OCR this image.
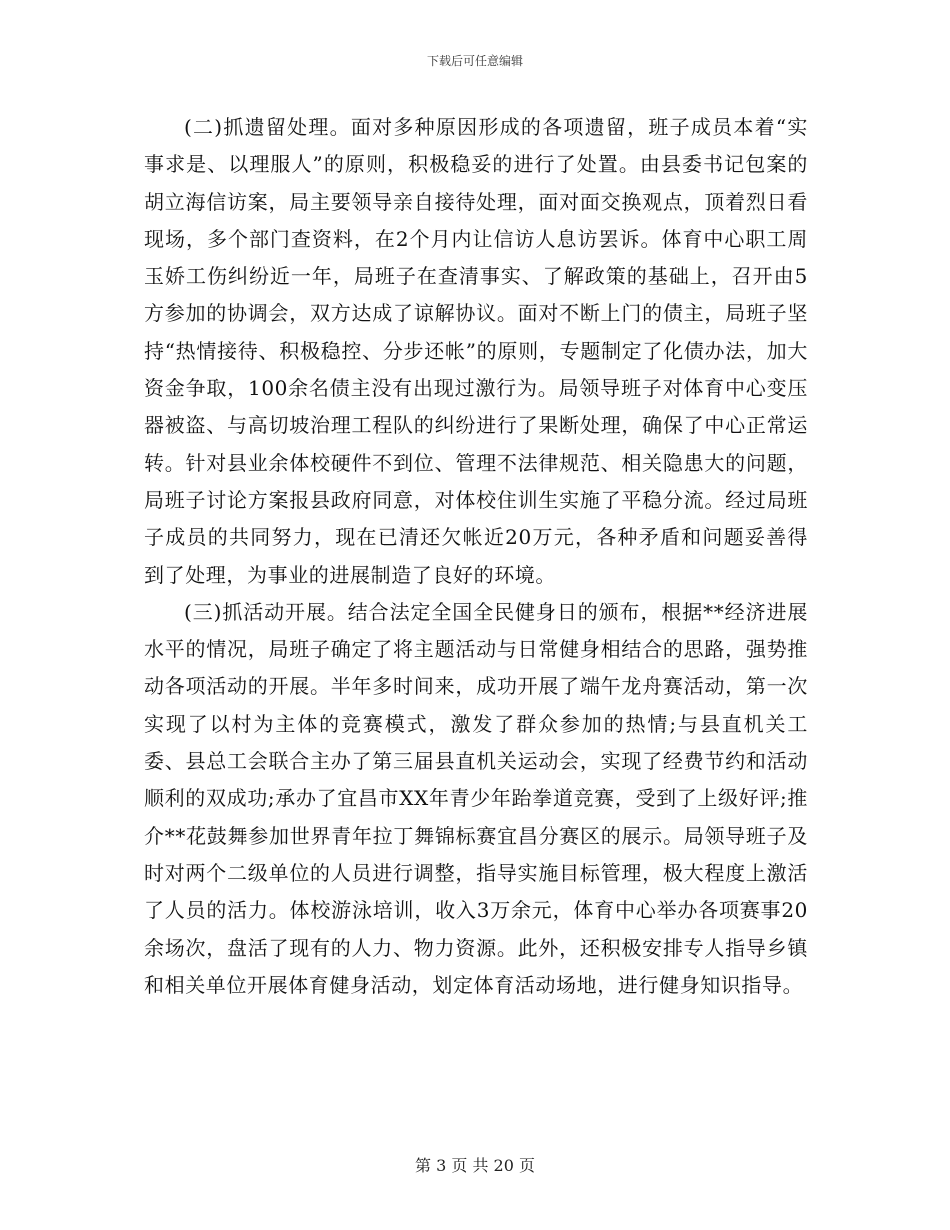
下载后可任意编辑

(二)抓遗留处理。面对多种原因形成的各项遗留，班子成员本着“实事求是、以理服人”的原则，积极稳妥的进行了处置。由县委书记包案的胡立海信访案，局主要领导亲自接待处理，面对面交换观点，顶着烈日看现场，多个部门查资料，在2个月内让信访人息访罢诉。体育中心职工周玉娇工伤纠纷近一年，局班子在查清事实、了解政策的基础上，召开由5方参加的协调会，双方达成了谅解协议。面对不断上门的债主，局班子坚持“热情接待、积极稳控、分步还帐”的原则，专题制定了化债办法，加大资金争取，100余名债主没有出现过激行为。局领导班子对体育中心变压器被盗、与高切坡治理工程队的纠纷进行了果断处理，确保了中心正常运转。针对县业余体校硬件不到位、管理不法律规范、相关隐患大的问题，局班子讨论方案报县政府同意，对体校住训生实施了平稳分流。经过局班子成员的共同努力，现在已清还欠帐近20万元，各种矛盾和问题妥善得到了处理，为事业的进展制造了良好的环境。

(三)抓活动开展。结合法定全国全民健身日的颁布，根据**经济进展水平的情况，局班子确定了将主题活动与日常健身相结合的思路，强势推动各项活动的开展。半年多时间来，成功开展了端午龙舟赛活动，第一次实现了以村为主体的竞赛模式，激发了群众参加的热情;与县直机关工委、县总工会联合主办了第三届县直机关运动会，实现了经费节约和活动顺利的双成功;承办了宜昌市XX年青少年跆拳道竞赛，受到了上级好评;推介**花鼓舞参加世界青年拉丁舞锦标赛宜昌分赛区的展示。局领导班子及时对两个二级单位的人员进行调整，指导实施目标管理，极大程度上激活了人员的活力。体校游泳培训，收入3万余元，体育中心举办各项赛事20余场次，盘活了现有的人力、物力资源。此外，还积极安排专人指导乡镇和相关单位开展体育健身活动，划定体育活动场地，进行健身知识指导。

第 3 页 共 20 页
